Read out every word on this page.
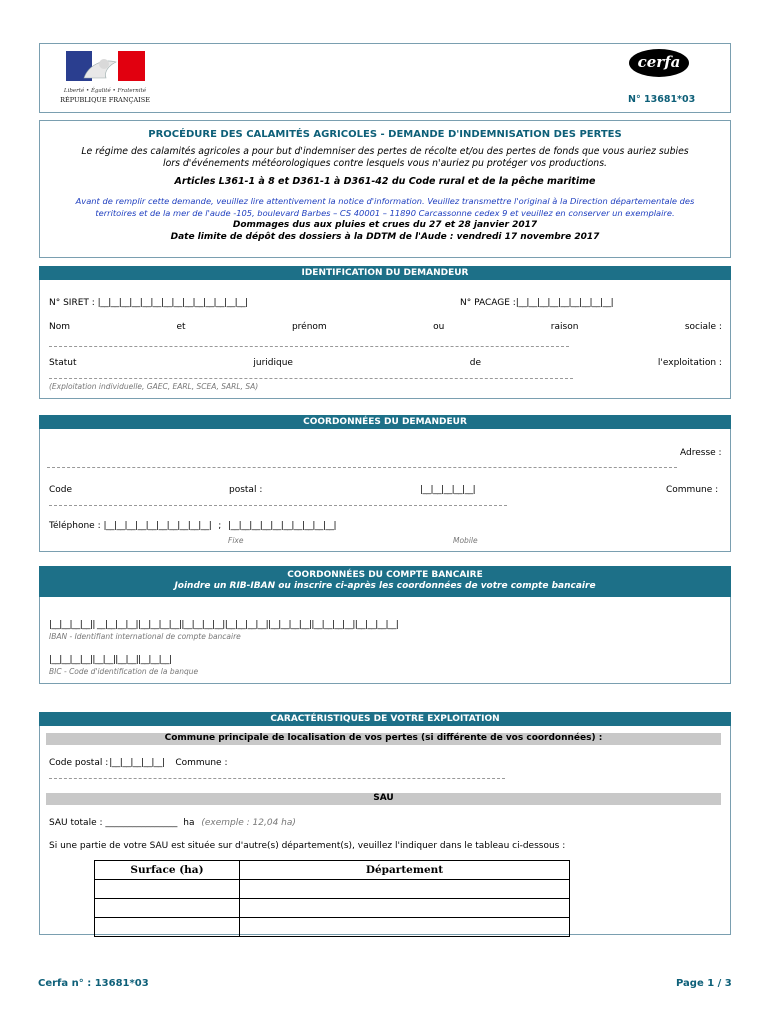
Liberté • Égalité • Fraternité
RÉPUBLIQUE FRANÇAISE
cerfa
N° 13681*03
PROCÉDURE DES CALAMITÉS AGRICOLES - DEMANDE D'INDEMNISATION DES PERTES
Le régime des calamités agricoles a pour but d'indemniser des pertes de récolte et/ou des pertes de fonds que vous auriez subies
lors d'événements météorologiques contre lesquels vous n'auriez pu protéger vos productions.
Articles L361-1 à 8 et D361-1 à D361-42 du Code rural et de la pêche maritime
Avant de remplir cette demande, veuillez lire attentivement la notice d'information. Veuillez transmettre l'original à la Direction départementale des
territoires et de la mer de l'aude -105, boulevard Barbes – CS 40001 – 11890 Carcassonne cedex 9 et veuillez en conserver un exemplaire.
Dommages dus aux pluies et crues du 27 et 28 janvier 2017
Date limite de dépôt des dossiers à la DDTM de l'Aude : vendredi 17 novembre 2017
IDENTIFICATION DU DEMANDEUR
N° SIRET : |__|__|__|__|__|__|__|__|__|__|__|__|__|__|	N° PACAGE :|__|__|__|__|__|__|__|__|__|
Nom	et	prénom	ou	raison	sociale :
Statut	juridique	de	l'exploitation :
(Exploitation individuelle, GAEC, EARL, SCEA, SARL, SA)
COORDONNÉES DU DEMANDEUR
Adresse :
Code	postal :	|__|__|__|__|__|	Commune :
Téléphone : |__|__|__|__|__|__|__|__|__|__| ; |__|__|__|__|__|__|__|__|__|__|
Fixe	Mobile
COORDONNÉES DU COMPTE BANCAIRE
Joindre un RIB-IBAN ou inscrire ci-après les coordonnées de votre compte bancaire
|__|__|__|__|| __|__|__|__||__|__|__|__||__|__|__|__||__|__|__|__||__|__|__|__||__|__|__|__||__|__|__|__|
IBAN - Identifiant international de compte bancaire
|__|__|__|__||__|__||__|__||__|__|__|
BIC - Code d'identification de la banque
CARACTÉRISTIQUES DE VOTRE EXPLOITATION
Commune principale de localisation de vos pertes (si différente de vos coordonnées) :
Code postal :|__|__|__|__|__| Commune :
SAU
SAU totale : ________________ ha (exemple : 12,04 ha)
Si une partie de votre SAU est située sur d'autre(s) département(s), veuillez l'indiquer dans le tableau ci-dessous :
Surface (ha)	Département

Cerfa n° : 13681*03	Page 1 / 3
